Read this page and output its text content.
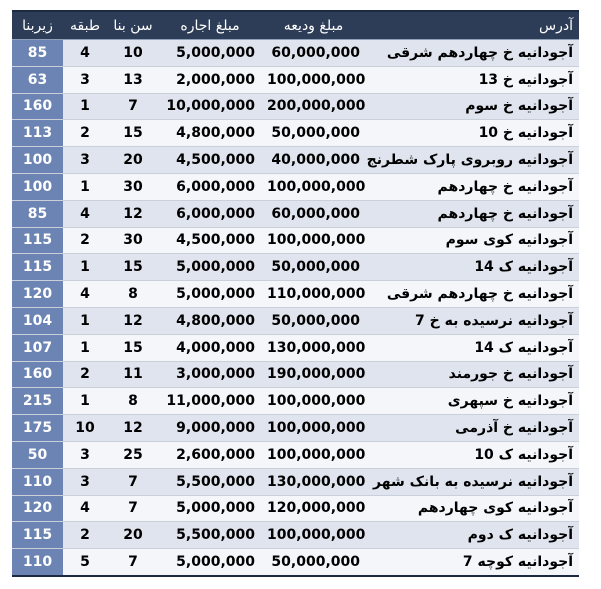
زیربنا	طبقه	سن بنا	مبلغ اجاره	مبلغ ودیعه	آدرس
85	4	10	5,000,000	60,000,000	آجودانیه خ چهاردهم شرقی
63	3	13	2,000,000	100,000,000	آجودانیه خ 13
160	1	7	10,000,000	200,000,000	آجودانیه خ سوم
113	2	15	4,800,000	50,000,000	آجودانیه خ 10
100	3	20	4,500,000	40,000,000	آجودانیه روبروی پارک شطرنج
100	1	30	6,000,000	100,000,000	آجودانیه خ چهاردهم
85	4	12	6,000,000	60,000,000	آجودانیه خ چهاردهم
115	2	30	4,500,000	100,000,000	آجودانیه کوی سوم
115	1	15	5,000,000	50,000,000	آجودانیه ک 14
120	4	8	5,000,000	110,000,000	آجودانیه خ چهاردهم شرقی
104	1	12	4,800,000	50,000,000	آجودانیه نرسیده به خ 7
107	1	15	4,000,000	130,000,000	آجودانیه ک 14
160	2	11	3,000,000	190,000,000	آجودانیه خ جورمند
215	1	8	11,000,000	100,000,000	آجودانیه خ سپهری
175	10	12	9,000,000	100,000,000	آجودانیه خ آذرمی
50	3	25	2,600,000	100,000,000	آجودانیه ک 10
110	3	7	5,500,000	130,000,000	آجودانیه نرسیده به بانک شهر
120	4	7	5,000,000	120,000,000	آجودانیه کوی چهاردهم
115	2	20	5,500,000	100,000,000	آجودانیه ک دوم
110	5	7	5,000,000	50,000,000	آجودانیه کوچه 7
